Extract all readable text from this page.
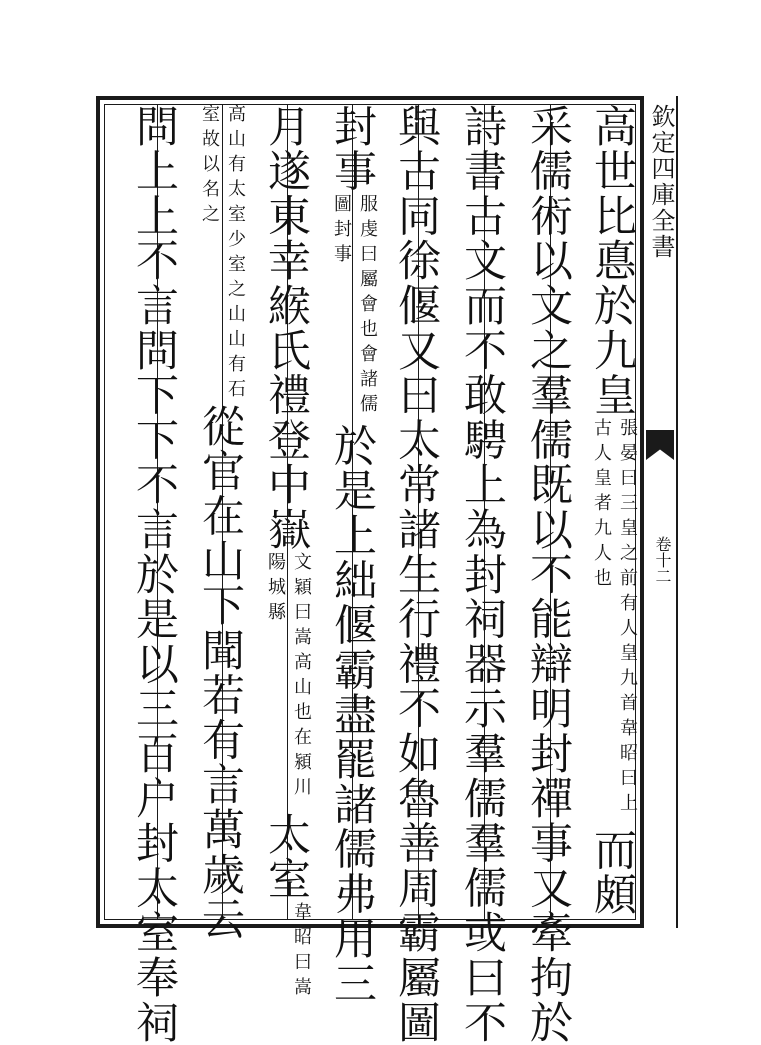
欽定四庫全書
卷十二
高世比悳於九皇張晏曰三皇之前有人皇九首韋昭曰上古人皇者九人也而頗
采儒術以文之羣儒既以不能辯明封禪事又牽拘於
詩書古文而不敢騁上為封祠器示羣儒羣儒或曰不
與古同徐偃又曰太常諸生行禮不如魯善周霸屬圖
封事服虔曰屬會也會諸儒圖封事於是上絀偃霸盡罷諸儒弗用三
月遂東幸緱氏禮登中嶽文穎曰嵩高山也在潁川陽城縣太室韋昭曰嵩
高山有太室少室之山山有石室故以名之從官在山下聞若有言萬歲云
問上上不言問下下不言於是以三百户封太室奉祠
